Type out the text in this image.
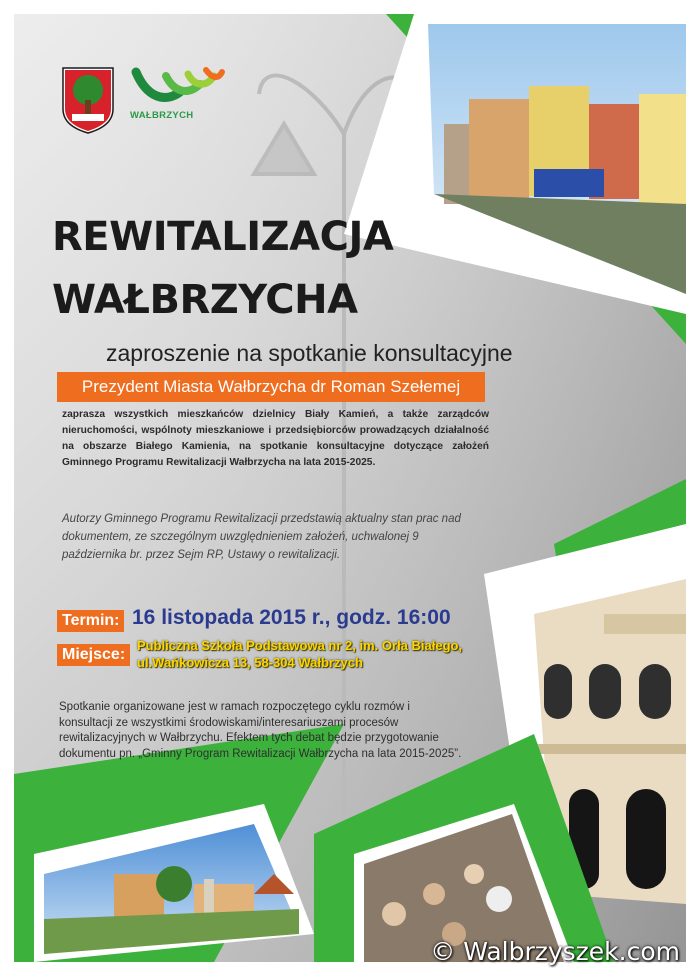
WAŁBRZYCH
REWITALIZACJA
WAŁBRZYCHA
zaproszenie na spotkanie konsultacyjne
Prezydent Miasta Wałbrzycha dr Roman Szełemej
zaprasza wszystkich mieszkańców dzielnicy Biały Kamień, a także zarządców nieruchomości, wspólnoty mieszkaniowe i przedsiębiorców prowadzących działalność na obszarze Białego Kamienia, na spotkanie konsultacyjne dotyczące założeń Gminnego Programu Rewitalizacji Wałbrzycha na lata 2015-2025.
Autorzy Gminnego Programu Rewitalizacji przedstawią aktualny stan prac nad dokumentem, ze szczególnym uwzględnieniem założeń, uchwalonej 9 października br. przez Sejm RP, Ustawy o rewitalizacji.
Termin: 16 listopada 2015 r., godz. 16:00
Miejsce:
Publiczna Szkoła Podstawowa nr 2, im. Orła Białego,
ul.Wańkowicza 13, 58-304 Wałbrzych
Spotkanie organizowane jest w ramach rozpoczętego cyklu rozmów i konsultacji ze wszystkimi środowiskami/interesariuszami procesów rewitalizacyjnych w Wałbrzychu. Efektem tych debat będzie przygotowanie dokumentu pn. „Gminny Program Rewitalizacji Wałbrzycha na lata 2015-2025”.
© Walbrzyszek.com
